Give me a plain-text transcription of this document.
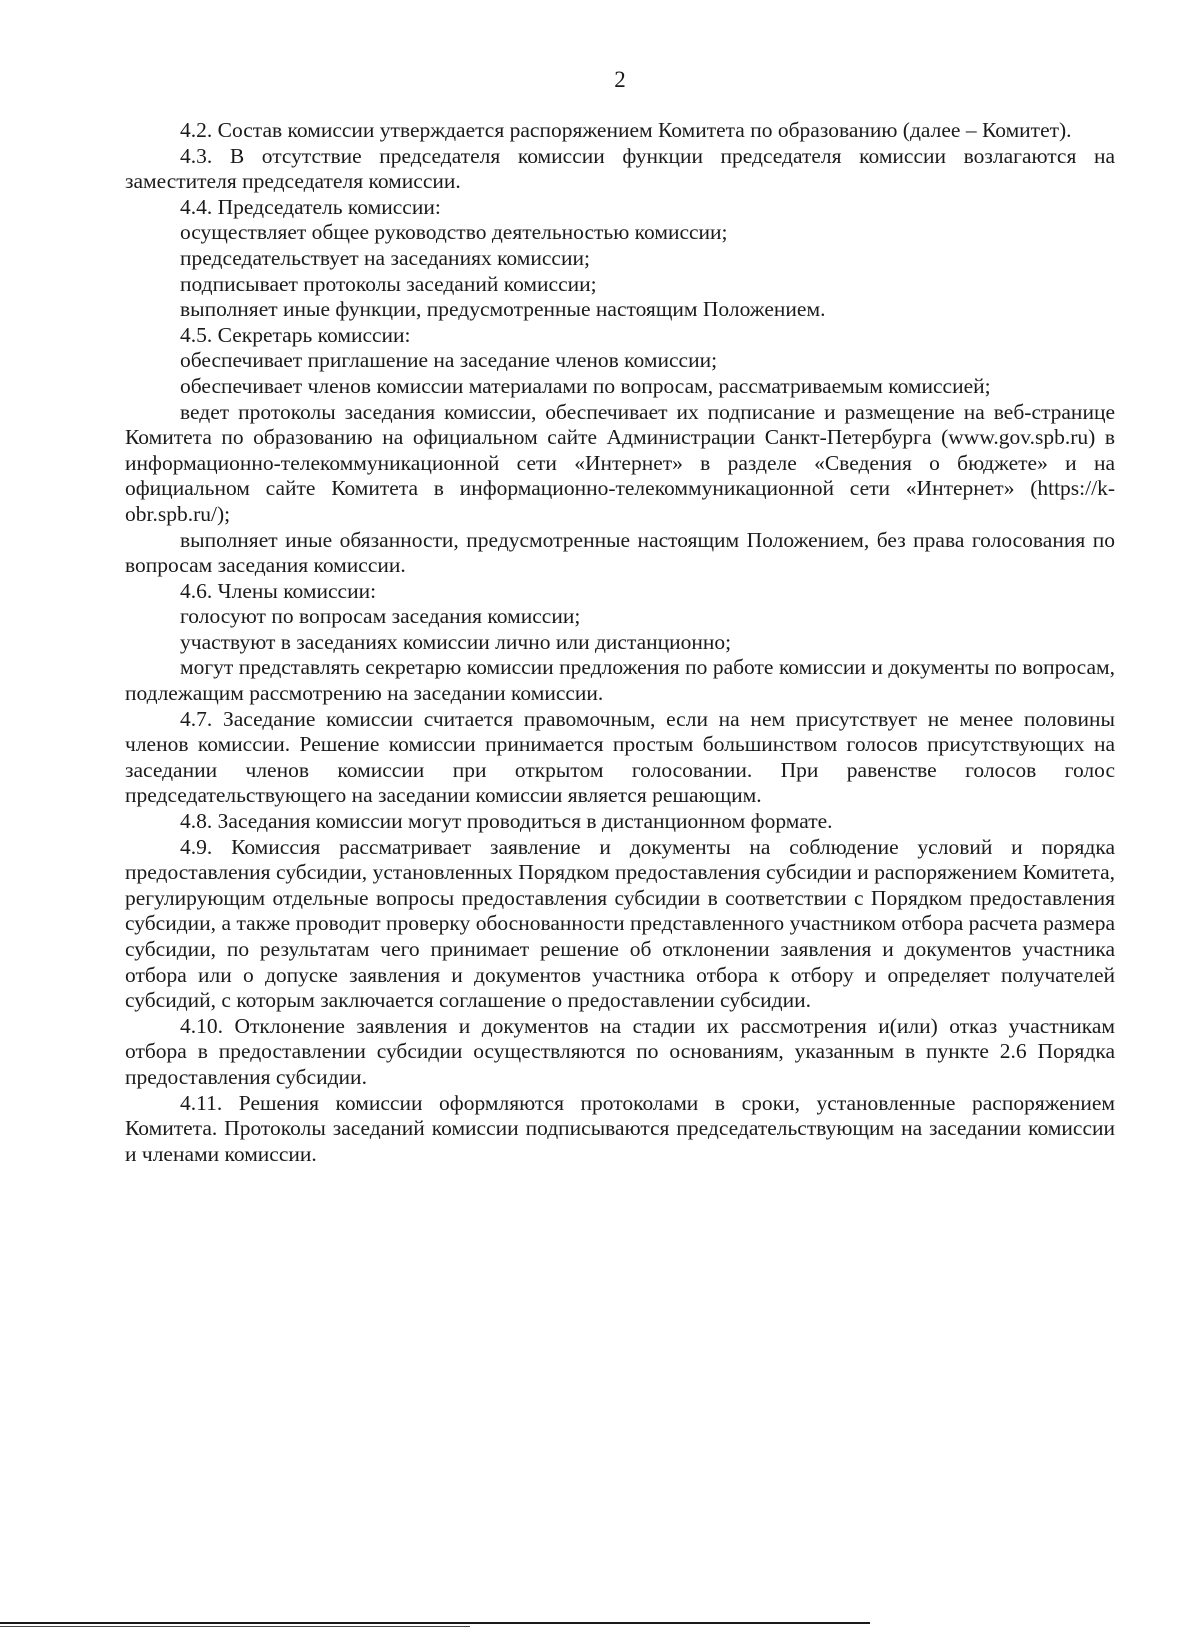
2

4.2. Состав комиссии утверждается распоряжением Комитета по образованию (далее – Комитет).

4.3. В отсутствие председателя комиссии функции председателя комиссии возлагаются на заместителя председателя комиссии.

4.4. Председатель комиссии:

осуществляет общее руководство деятельностью комиссии;

председательствует на заседаниях комиссии;

подписывает протоколы заседаний комиссии;

выполняет иные функции, предусмотренные настоящим Положением.

4.5. Секретарь комиссии:

обеспечивает приглашение на заседание членов комиссии;

обеспечивает членов комиссии материалами по вопросам, рассматриваемым комиссией;

ведет протоколы заседания комиссии, обеспечивает их подписание и размещение на веб-странице Комитета по образованию на официальном сайте Администрации Санкт-Петербурга (www.gov.spb.ru) в информационно-телекоммуникационной сети «Интернет» в разделе «Сведения о бюджете» и на официальном сайте Комитета в информационно-телекоммуникационной сети «Интернет» (https://k-obr.spb.ru/);

выполняет иные обязанности, предусмотренные настоящим Положением, без права голосования по вопросам заседания комиссии.

4.6. Члены комиссии:

голосуют по вопросам заседания комиссии;

участвуют в заседаниях комиссии лично или дистанционно;

могут представлять секретарю комиссии предложения по работе комиссии и документы по вопросам, подлежащим рассмотрению на заседании комиссии.

4.7. Заседание комиссии считается правомочным, если на нем присутствует не менее половины членов комиссии. Решение комиссии принимается простым большинством голосов присутствующих на заседании членов комиссии при открытом голосовании. При равенстве голосов голос председательствующего на заседании комиссии является решающим.

4.8. Заседания комиссии могут проводиться в дистанционном формате.

4.9. Комиссия рассматривает заявление и документы на соблюдение условий и порядка предоставления субсидии, установленных Порядком предоставления субсидии и распоряжением Комитета, регулирующим отдельные вопросы предоставления субсидии в соответствии с Порядком предоставления субсидии, а также проводит проверку обоснованности представленного участником отбора расчета размера субсидии, по результатам чего принимает решение об отклонении заявления и документов участника отбора или о допуске заявления и документов участника отбора к отбору и определяет получателей субсидий, с которым заключается соглашение о предоставлении субсидии.

4.10. Отклонение заявления и документов на стадии их рассмотрения и(или) отказ участникам отбора в предоставлении субсидии осуществляются по основаниям, указанным в пункте 2.6 Порядка предоставления субсидии.

4.11. Решения комиссии оформляются протоколами в сроки, установленные распоряжением Комитета. Протоколы заседаний комиссии подписываются председательствующим на заседании комиссии и членами комиссии.
